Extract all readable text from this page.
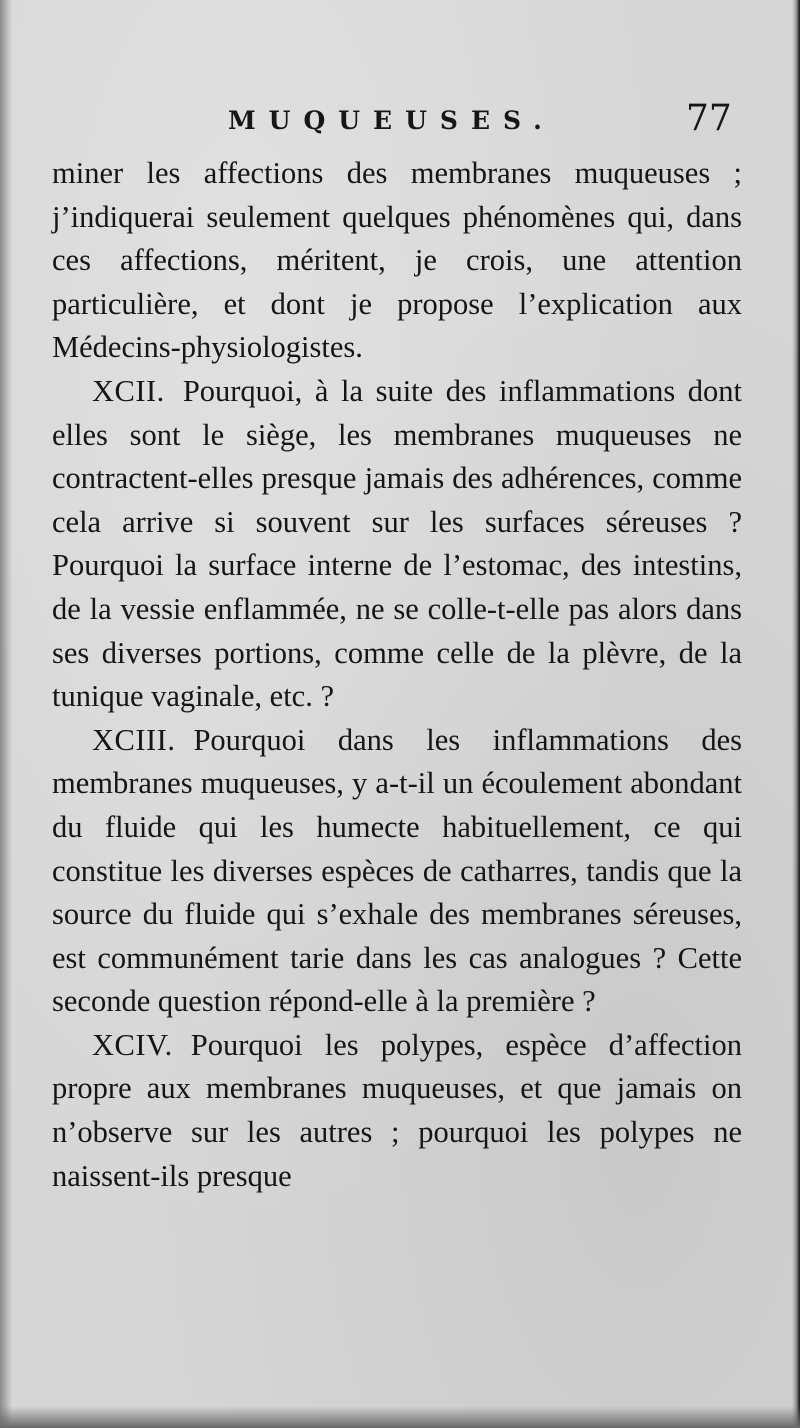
MUQUEUSES.	77

miner les affections des membranes muqueuses ; j’indiquerai seulement quelques phénomènes qui, dans ces affections, méritent, je crois, une attention particulière, et dont je propose l’explication aux Médecins-physiologistes.

XCII. Pourquoi, à la suite des inflammations dont elles sont le siège, les membranes muqueuses ne contractent-elles presque jamais des adhérences, comme cela arrive si souvent sur les surfaces séreuses ? Pourquoi la surface interne de l’estomac, des intestins, de la vessie enflammée, ne se colle-t-elle pas alors dans ses diverses portions, comme celle de la plèvre, de la tunique vaginale, etc. ?

XCIII. Pourquoi dans les inflammations des membranes muqueuses, y a-t-il un écoulement abondant du fluide qui les humecte habituellement, ce qui constitue les diverses espèces de catharres, tandis que la source du fluide qui s’exhale des membranes séreuses, est communément tarie dans les cas analogues ? Cette seconde question répond-elle à la première ?

XCIV. Pourquoi les polypes, espèce d’affection propre aux membranes muqueuses, et que jamais on n’observe sur les autres ; pourquoi les polypes ne naissent-ils presque
